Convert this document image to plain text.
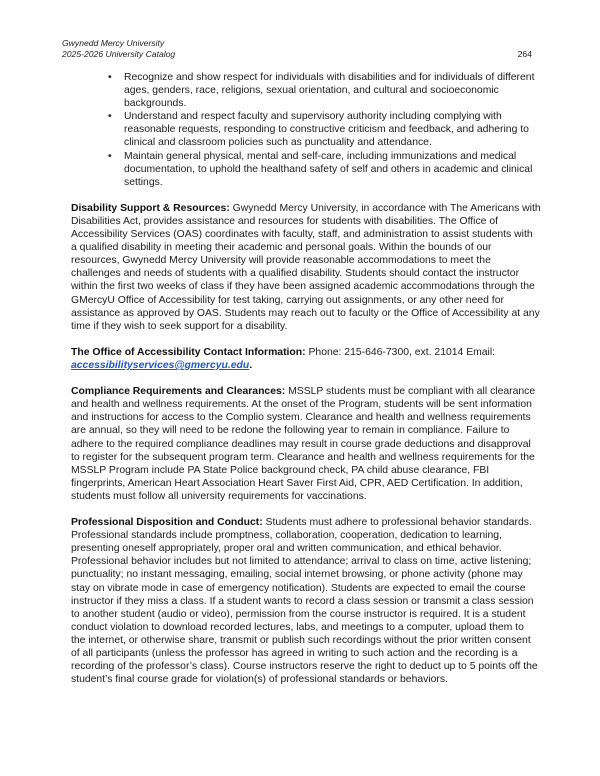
Gwynedd Mercy University
2025-2026 University Catalog	264
• Recognize and show respect for individuals with disabilities and for individuals of different ages, genders, race, religions, sexual orientation, and cultural and socioeconomic backgrounds.
• Understand and respect faculty and supervisory authority including complying with reasonable requests, responding to constructive criticism and feedback, and adhering to clinical and classroom policies such as punctuality and attendance.
• Maintain general physical, mental and self-care, including immunizations and medical documentation, to uphold the healthand safety of self and others in academic and clinical settings.

Disability Support & Resources: Gwynedd Mercy University, in accordance with The Americans with Disabilities Act, provides assistance and resources for students with disabilities. The Office of Accessibility Services (OAS) coordinates with faculty, staff, and administration to assist students with a qualified disability in meeting their academic and personal goals. Within the bounds of our resources, Gwynedd Mercy University will provide reasonable accommodations to meet the challenges and needs of students with a qualified disability. Students should contact the instructor within the first two weeks of class if they have been assigned academic accommodations through the GMercyU Office of Accessibility for test taking, carrying out assignments, or any other need for assistance as approved by OAS. Students may reach out to faculty or the Office of Accessibility at any time if they wish to seek support for a disability.

The Office of Accessibility Contact Information: Phone: 215-646-7300, ext. 21014 Email: accessibilityservices@gmercyu.edu.

Compliance Requirements and Clearances: MSSLP students must be compliant with all clearance and health and wellness requirements. At the onset of the Program, students will be sent information and instructions for access to the Complio system. Clearance and health and wellness requirements are annual, so they will need to be redone the following year to remain in compliance. Failure to adhere to the required compliance deadlines may result in course grade deductions and disapproval to register for the subsequent program term. Clearance and health and wellness requirements for the MSSLP Program include PA State Police background check, PA child abuse clearance, FBI fingerprints, American Heart Association Heart Saver First Aid, CPR, AED Certification. In addition, students must follow all university requirements for vaccinations.

Professional Disposition and Conduct: Students must adhere to professional behavior standards. Professional standards include promptness, collaboration, cooperation, dedication to learning, presenting oneself appropriately, proper oral and written communication, and ethical behavior. Professional behavior includes but not limited to attendance; arrival to class on time, active listening; punctuality; no instant messaging, emailing, social internet browsing, or phone activity (phone may stay on vibrate mode in case of emergency notification). Students are expected to email the course instructor if they miss a class. If a student wants to record a class session or transmit a class session to another student (audio or video), permission from the course instructor is required. It is a student conduct violation to download recorded lectures, labs, and meetings to a computer, upload them to the internet, or otherwise share, transmit or publish such recordings without the prior written consent of all participants (unless the professor has agreed in writing to such action and the recording is a recording of the professor’s class). Course instructors reserve the right to deduct up to 5 points off the student’s final course grade for violation(s) of professional standards or behaviors.
